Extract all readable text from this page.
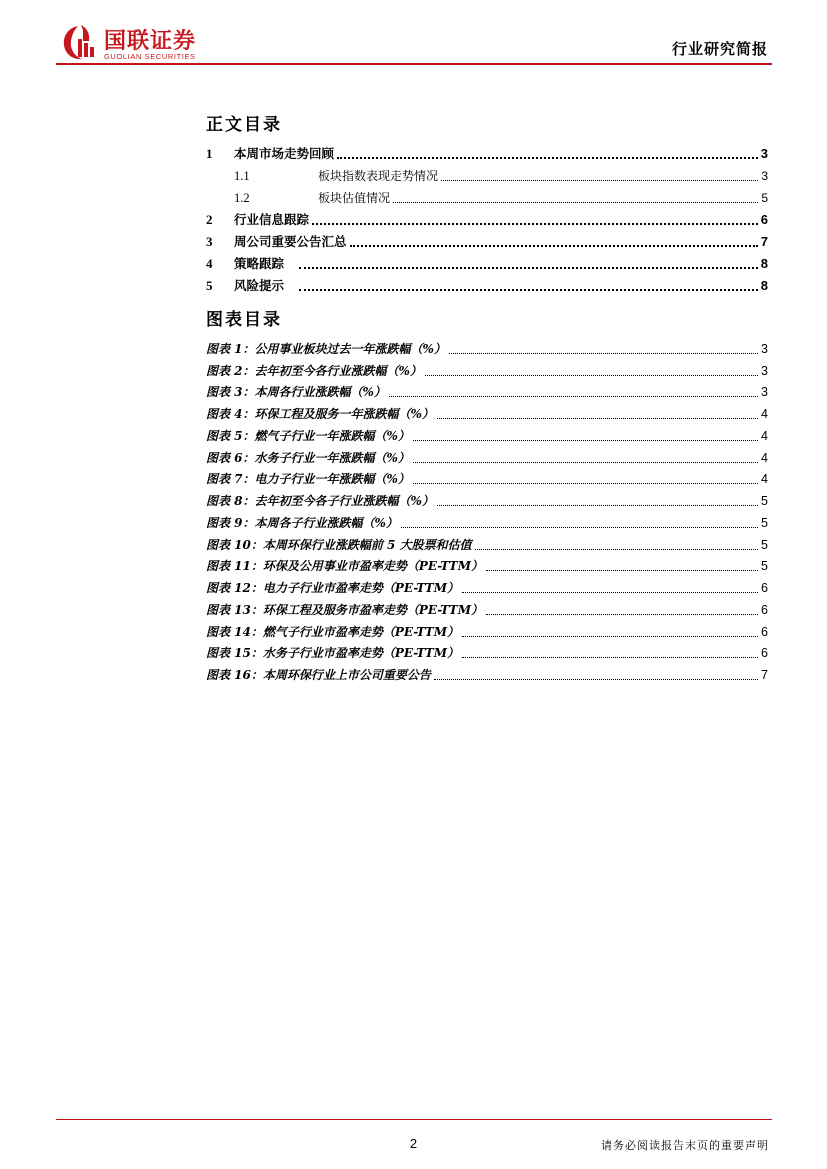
国联证券
GUOLIAN SECURITIES	行业研究简报
正文目录
1	本周市场走势回顾	3
1.1	板块指数表现走势情况	3
1.2	板块估值情况	5
2	行业信息跟踪	6
3	周公司重要公告汇总	7
4	策略跟踪	8
5	风险提示	8
图表目录
图表 1：公用事业板块过去一年涨跌幅（%）	3
图表 2：去年初至今各行业涨跌幅（%）	3
图表 3：本周各行业涨跌幅（%）	3
图表 4：环保工程及服务一年涨跌幅（%）	4
图表 5：燃气子行业一年涨跌幅（%）	4
图表 6：水务子行业一年涨跌幅（%）	4
图表 7：电力子行业一年涨跌幅（%）	4
图表 8：去年初至今各子行业涨跌幅（%）	5
图表 9：本周各子行业涨跌幅（%）	5
图表 10：本周环保行业涨跌幅前 5 大股票和估值	5
图表 11：环保及公用事业市盈率走势（PE-TTM）	5
图表 12：电力子行业市盈率走势（PE-TTM）	6
图表 13：环保工程及服务市盈率走势（PE-TTM）	6
图表 14：燃气子行业市盈率走势（PE-TTM）	6
图表 15：水务子行业市盈率走势（PE-TTM）	6
图表 16：本周环保行业上市公司重要公告	7
2	请务必阅读报告末页的重要声明
